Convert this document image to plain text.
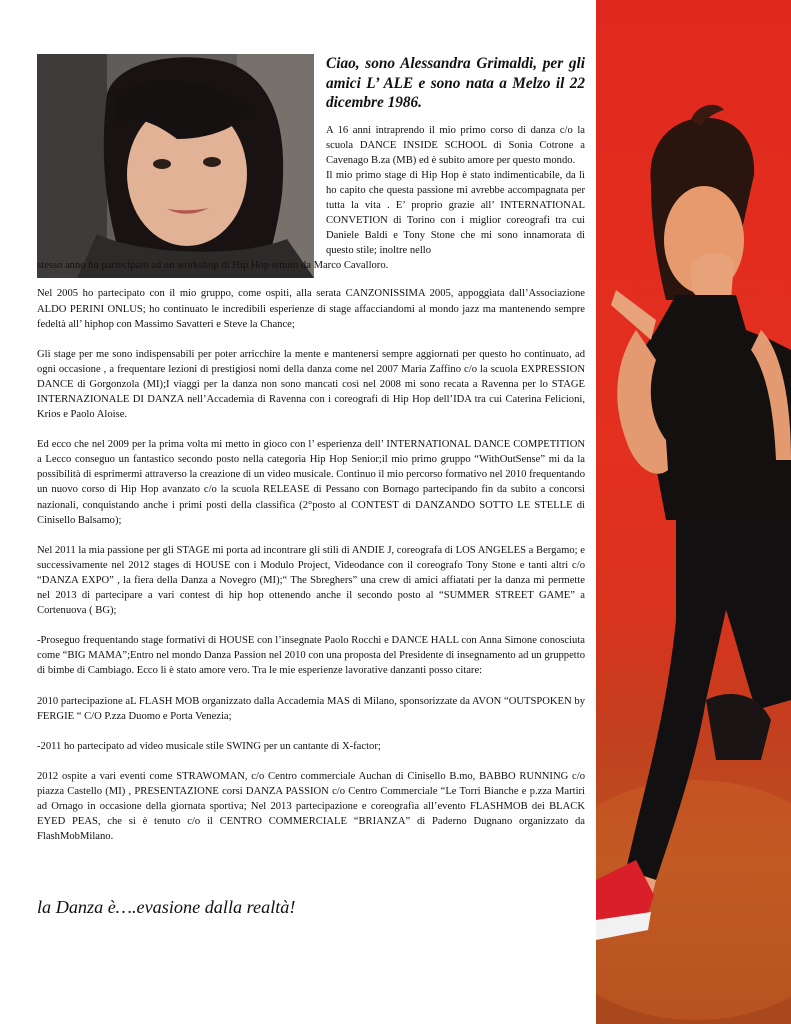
Ciao, sono Alessandra Grimaldi, per gli amici L’ ALE e sono nata a Melzo il 22 dicembre 1986.

A 16 anni intraprendo il mio primo corso di danza c/o la scuola DANCE INSIDE SCHOOL di Sonia Cotrone a Cavenago B.za (MB) ed è subito amore per questo mondo.
Il mio primo stage di Hip Hop è stato indimenticabile, da lì ho capito che questa passione mi avrebbe accompagnata per tutta la vita . E’ proprio grazie all’ INTERNATIONAL CONVETION di Torino con i miglior coreografi tra cui Daniele Baldi e Tony Stone che mi sono innamorata di questo stile; inoltre nello

stesso anno ho partecipato ad un workshop di Hip Hop tenuto da Marco Cavalloro.

Nel 2005 ho partecipato con il mio gruppo, come ospiti, alla serata CANZONISSIMA 2005, appoggiata dall’Associazione ALDO PERINI ONLUS; ho continuato le incredibili esperienze di stage affacciandomi al mondo jazz ma mantenendo sempre fedeltà all’ hiphop con Massimo Savatteri e Steve la Chance;

Gli stage per me sono indispensabili per poter arricchire la mente e mantenersi sempre aggiornati per questo ho continuato, ad ogni occasione , a frequentare lezioni di prestigiosi nomi della danza come nel 2007 Maria Zaffino c/o la scuola EXPRESSION DANCE di Gorgonzola (MI);I viaggi per la danza non sono mancati così nel 2008 mi sono recata a Ravenna per lo STAGE INTERNAZIONALE DI DANZA nell’Accademia di Ravenna con i coreografi di Hip Hop dell’IDA tra cui Caterina Felicioni, Krios e Paolo Aloise.

Ed ecco che nel 2009 per la prima volta mi metto in gioco con l’ esperienza dell’ INTERNATIONAL DANCE COMPETITION a Lecco conseguo un fantastico secondo posto nella categoria Hip Hop Senior;il mio primo gruppo “WithOutSense” mi da la possibilità di esprimermi attraverso la creazione di un video musicale. Continuo il mio percorso formativo nel 2010 frequentando un nuovo corso di Hip Hop avanzato c/o la scuola RELEASE di Pessano con Bornago partecipando fin da subito a concorsi nazionali, conquistando anche i primi posti della classifica (2°posto al CONTEST di DANZANDO SOTTO LE STELLE di Cinisello Balsamo);

Nel 2011 la mia passione per gli STAGE mi porta ad incontrare gli stili di ANDIE J, coreografa di LOS ANGELES a Bergamo; e successivamente nel 2012 stages di HOUSE con i Modulo Project, Videodance con il coreografo Tony Stone e tanti altri c/o “DANZA EXPO” , la fiera della Danza a Novegro (MI);“ The Sbreghers” una crew di amici affiatati per la danza mi permette nel 2013 di partecipare a vari contest di hip hop ottenendo anche il secondo posto al “SUMMER STREET GAME” a Cortenuova ( BG);

-Proseguo frequentando stage formativi di HOUSE con l’insegnate Paolo Rocchi e DANCE HALL con Anna Simone conosciuta come “BIG MAMA”;Entro nel mondo Danza Passion nel 2010 con una proposta del Presidente di insegnamento ad un gruppetto di bimbe di Cambiago. Ecco lì è stato amore vero. Tra le mie esperienze lavorative danzanti posso citare:

2010 partecipazione aL FLASH MOB organizzato dalla Accademia MAS di Milano, sponsorizzate da AVON “OUTSPOKEN by FERGIE “ C/O P.zza Duomo e Porta Venezia;

-2011 ho partecipato ad video musicale stile SWING per un cantante di X-factor;

2012 ospite a vari eventi come STRAWOMAN, c/o Centro commerciale Auchan di Cinisello B.mo, BABBO RUNNING c/o piazza Castello (MI) , PRESENTAZIONE corsi DANZA PASSION c/o Centro Commerciale “Le Torri Bianche e p.zza Martiri ad Ornago in occasione della giornata sportiva; Nel 2013 partecipazione e coreografia all’evento FLASHMOB dei BLACK EYED PEAS, che si è tenuto c/o il CENTRO COMMERCIALE “BRIANZA” di Paderno Dugnano organizzato da FlashMobMilano.

la Danza è….evasione dalla realtà!
